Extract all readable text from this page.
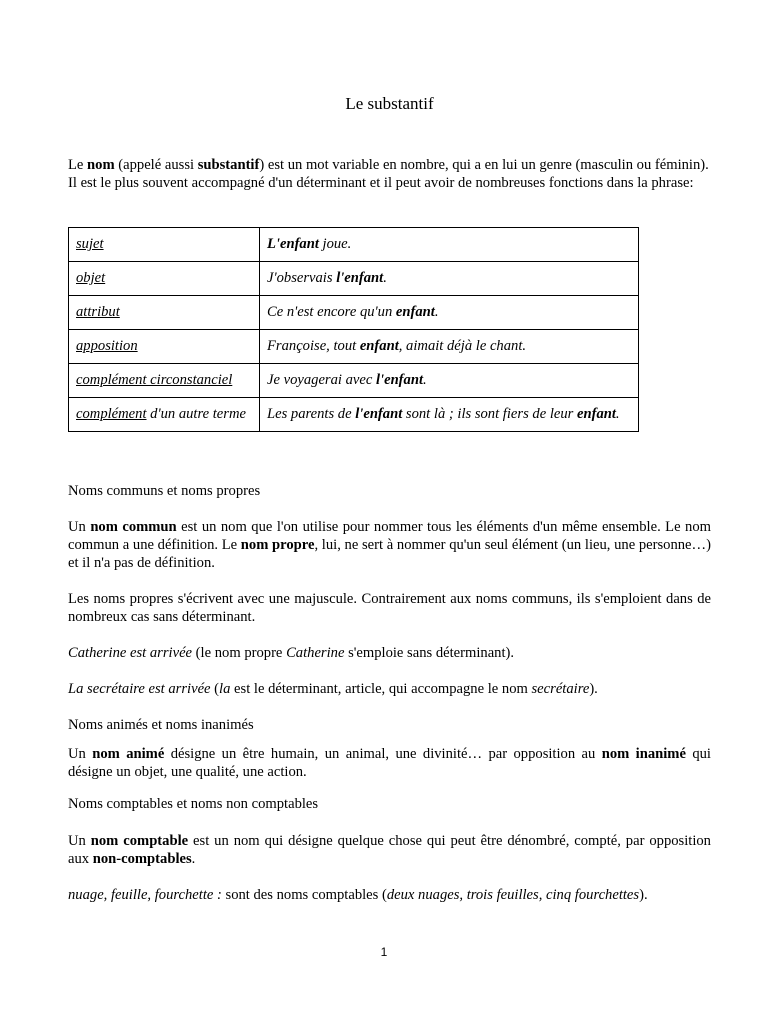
Le substantif

Le nom (appelé aussi substantif) est un mot variable en nombre, qui a en lui un genre (masculin ou féminin).

Il est le plus souvent accompagné d'un déterminant et il peut avoir de nombreuses fonctions dans la phrase:

sujet	L'enfant joue.
objet	J'observais l'enfant.
attribut	Ce n'est encore qu'un enfant.
apposition	Françoise, tout enfant, aimait déjà le chant.
complément circonstanciel	Je voyagerai avec l'enfant.
complément d'un autre terme	Les parents de l'enfant sont là ; ils sont fiers de leur enfant.
Noms communs et noms propres

Un nom commun est un nom que l'on utilise pour nommer tous les éléments d'un même ensemble. Le nom commun a une définition. Le nom propre, lui, ne sert à nommer qu'un seul élément (un lieu, une personne…) et il n'a pas de définition.

Les noms propres s'écrivent avec une majuscule. Contrairement aux noms communs, ils s'emploient dans de nombreux cas sans déterminant.

Catherine est arrivée (le nom propre Catherine s'emploie sans déterminant).

La secrétaire est arrivée (la est le déterminant, article, qui accompagne le nom secrétaire).

Noms animés et noms inanimés

Un nom animé désigne un être humain, un animal, une divinité… par opposition au nom inanimé qui désigne un objet, une qualité, une action.

Noms comptables et noms non comptables

Un nom comptable est un nom qui désigne quelque chose qui peut être dénombré, compté, par opposition aux non-comptables.

nuage, feuille, fourchette : sont des noms comptables (deux nuages, trois feuilles, cinq fourchettes).

1
